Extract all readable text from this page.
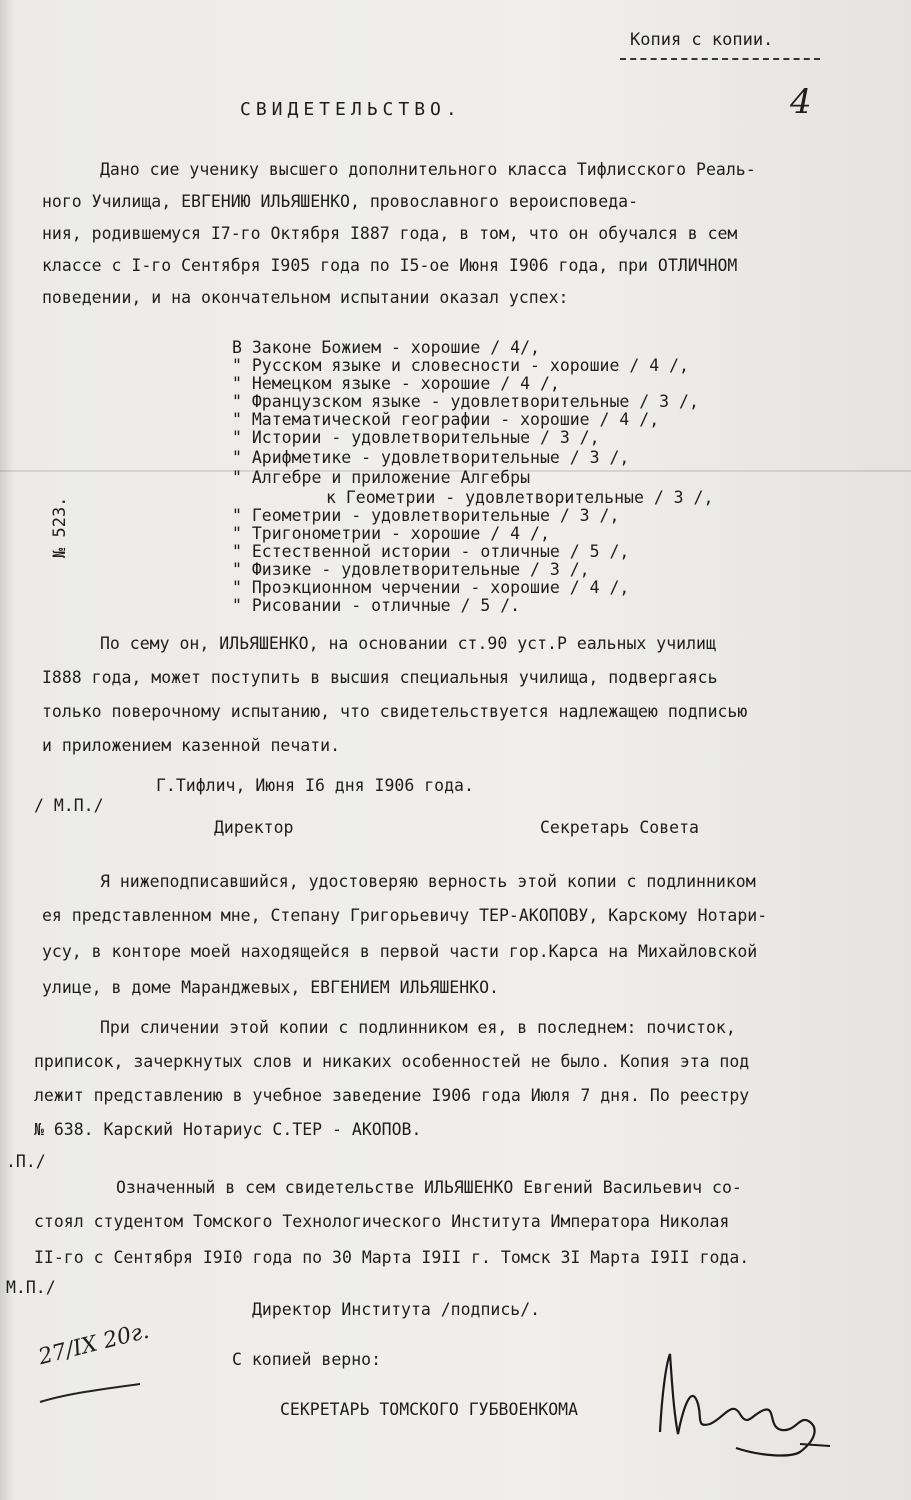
Копия с копии.
4
СВИДЕТЕЛЬСТВО.
Дано сие ученику высшего дополнительного класса Тифлисского Реаль-
ного Училища, ЕВГЕНИЮ ИЛЬЯШЕНКО, провославного вероисповеда-
ния, родившемуся I7-го Октября I887 года, в том, что он обучался в сем
классе с I-го Сентября I905 года по I5-ое Июня I906 года, при ОТЛИЧНОМ
поведении, и на окончательном испытании оказал успех:
В Законе Божием - хорошие / 4/,
" Русском языке и словесности - хорошие / 4 /,
" Немецком языке - хорошие / 4 /,
" Французском языке - удовлетворительные / 3 /,
" Математической географии - хорошие / 4 /,
" Истории - удовлетворительные / 3 /,
" Арифметике - удовлетворительные / 3 /,
" Алгебре и приложение Алгебры
к Геометрии - удовлетворительные / 3 /,
" Геометрии - удовлетворительные / 3 /,
" Тригонометрии - хорошие / 4 /,
" Естественной истории - отличные / 5 /,
" Физике - удовлетворительные / 3 /,
" Проэкционном черчении - хорошие / 4 /,
" Рисовании - отличные / 5 /.
№ 523.
По сему он, ИЛЬЯШЕНКО, на основании ст.90 уст.Р еальных училищ
I888 года, может поступить в высшия специальныя училища, подвергаясь
только поверочному испытанию, что свидетельствуется надлежащею подписью
и приложением казенной печати.
Г.Тифлич, Июня I6 дня I906 года.
/ М.П./
Директор	Секретарь Совета
Я нижеподписавшийся, удостоверяю верность этой копии с подлинником
ея представленном мне, Степану Григорьевичу ТЕР-АКОПОВУ, Карскому Нотари-
усу, в конторе моей находящейся в первой части гор.Карса на Михайловской
улице, в доме Маранджевых, ЕВГЕНИЕМ ИЛЬЯШЕНКО.
При сличении этой копии с подлинником ея, в последнем: почисток,
приписок, зачеркнутых слов и никаких особенностей не было. Копия эта под
лежит представлению в учебное заведение I906 года Июля 7 дня. По реестру
№ 638. Карский Нотариус С.ТЕР - АКОПОВ.
.П./
Означенный в сем свидетельстве ИЛЬЯШЕНКО Евгений Васильевич со-
стоял студентом Томского Технологического Института Императора Николая
II-го с Сентября I9I0 года по 30 Марта I9II г. Томск 3I Марта I9II года.
М.П./
Директор Института /подпись/.
С копией верно:
СЕКРЕТАРЬ ТОМСКОГО ГУБВОЕНКОМА
27/IX 20г.
